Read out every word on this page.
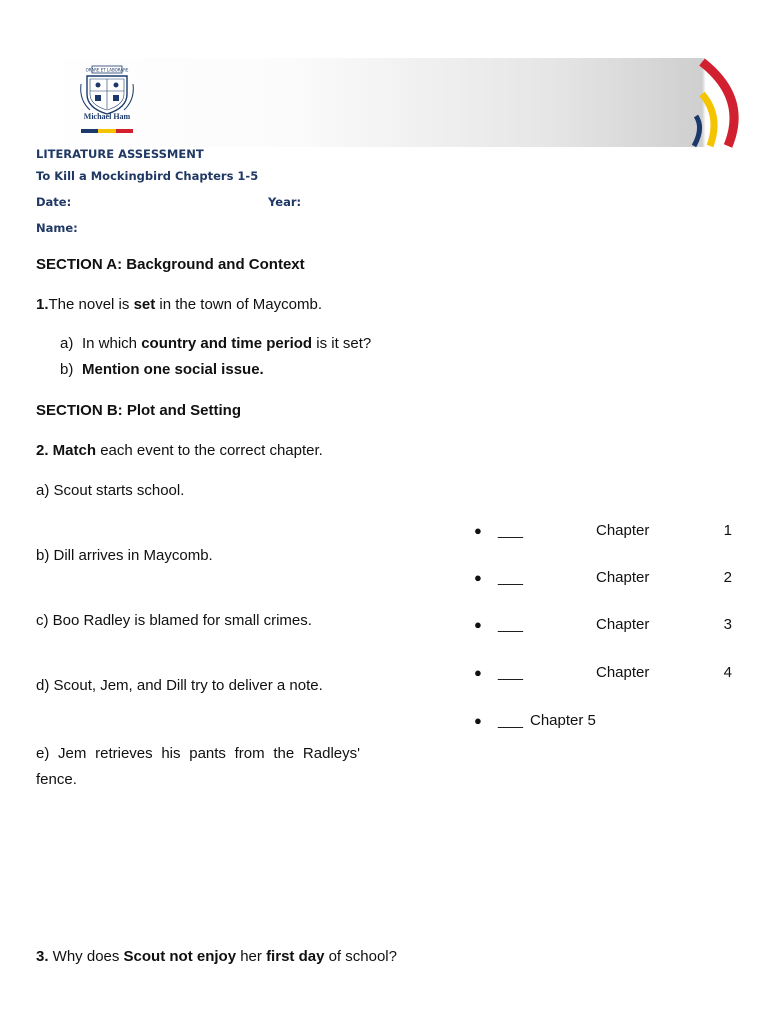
ORARE ET LABORARE
Michael Ham
LITERATURE ASSESSMENT
To Kill a Mockingbird Chapters 1-5
Date:	Year:
Name:
SECTION A: Background and Context
1.The novel is set in the town of Maycomb.
a) In which country and time period is it set?
b) Mention one social issue.
SECTION B: Plot and Setting
2. Match each event to the correct chapter.
a) Scout starts school.
b) Dill arrives in Maycomb.
c) Boo Radley is blamed for small crimes.
d) Scout, Jem, and Dill try to deliver a note.
e) Jem retrieves his pants from the Radleys' fence.
●	___	Chapter	1
●	___	Chapter	2
●	___	Chapter	3
●	___	Chapter	4
●	___ Chapter 5
3. Why does Scout not enjoy her first day of school?
